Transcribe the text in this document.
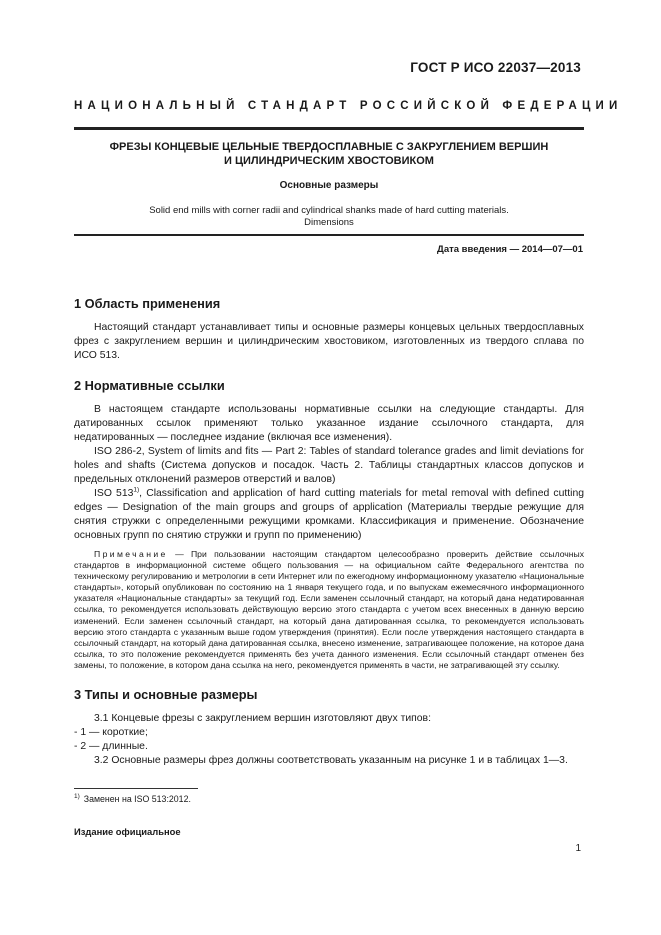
ГОСТ Р ИСО 22037—2013
НАЦИОНАЛЬНЫЙ СТАНДАРТ РОССИЙСКОЙ ФЕДЕРАЦИИ
ФРЕЗЫ КОНЦЕВЫЕ ЦЕЛЬНЫЕ ТВЕРДОСПЛАВНЫЕ С ЗАКРУГЛЕНИЕМ ВЕРШИН
И ЦИЛИНДРИЧЕСКИМ ХВОСТОВИКОМ
Основные размеры
Solid end mills with corner radii and cylindrical shanks made of hard cutting materials.
Dimensions
Дата введения — 2014—07—01
1 Область применения

Настоящий стандарт устанавливает типы и основные размеры концевых цельных твердосплавных фрез с закруглением вершин и цилиндрическим хвостовиком, изготовленных из твердого сплава по ИСО 513.

2 Нормативные ссылки

В настоящем стандарте использованы нормативные ссылки на следующие стандарты. Для датированных ссылок применяют только указанное издание ссылочного стандарта, для недатированных — последнее издание (включая все изменения).

ISO 286-2, System of limits and fits — Part 2: Tables of standard tolerance grades and limit deviations for holes and shafts (Система допусков и посадок. Часть 2. Таблицы стандартных классов допусков и предельных отклонений размеров отверстий и валов)

ISO 513$^{1)}$, Classification and application of hard cutting materials for metal removal with defined cutting edges — Designation of the main groups and groups of application (Материалы твердые режущие для снятия стружки с определенными режущими кромками. Классификация и применение. Обозначение основных групп по снятию стружки и групп по применению)

Примечание — При пользовании настоящим стандартом целесообразно проверить действие ссылочных стандартов в информационной системе общего пользования — на официальном сайте Федерального агентства по техническому регулированию и метрологии в сети Интернет или по ежегодному информационному указателю «Национальные стандарты», который опубликован по состоянию на 1 января текущего года, и по выпускам ежемесячного информационного указателя «Национальные стандарты» за текущий год. Если заменен ссылочный стандарт, на который дана недатированная ссылка, то рекомендуется использовать действующую версию этого стандарта с учетом всех внесенных в данную версию изменений. Если заменен ссылочный стандарт, на который дана датированная ссылка, то рекомендуется использовать версию этого стандарта с указанным выше годом утверждения (принятия). Если после утверждения настоящего стандарта в ссылочный стандарт, на который дана датированная ссылка, внесено изменение, затрагивающее положение, на которое дана ссылка, то это положение рекомендуется применять без учета данного изменения. Если ссылочный стандарт отменен без замены, то положение, в котором дана ссылка на него, рекомендуется применять в части, не затрагивающей эту ссылку.

3 Типы и основные размеры

3.1 Концевые фрезы с закруглением вершин изготовляют двух типов:

- 1 — короткие;

- 2 — длинные.

3.2 Основные размеры фрез должны соответствовать указанным на рисунке 1 и в таблицах 1—3.

$^{1)}$ Заменен на ISO 513:2012.
Издание официальное
1
